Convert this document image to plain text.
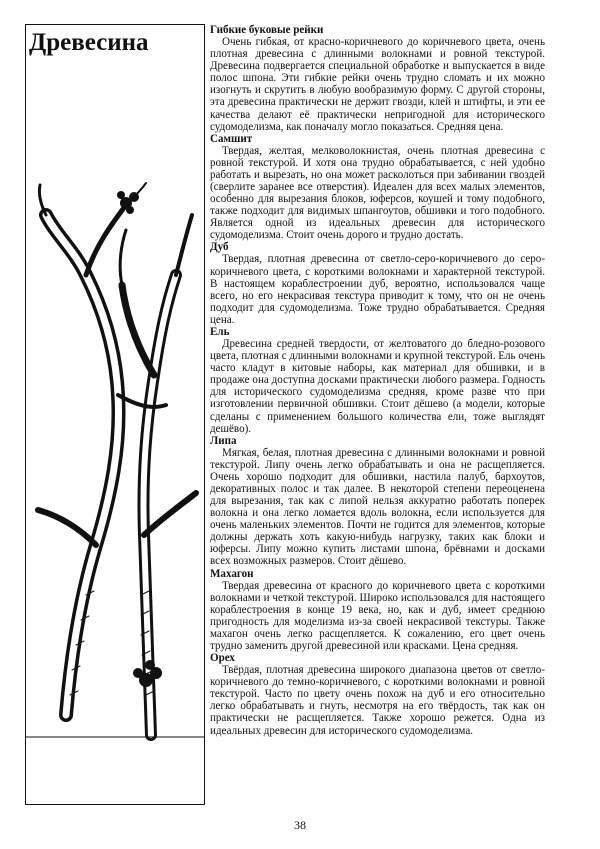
Древесина	Гибкие буковые рейки
Очень гибкая, от красно-коричневого до коричневого цвета, очень плотная древесина с длинными волокнами и ровной текстурой. Древесина подвергается специальной обработке и выпускается в виде полос шпона. Эти гибкие рейки очень трудно сломать и их можно изогнуть и скрутить в любую вообразимую форму. С другой стороны, эта древесина практически не держит гвозди, клей и штифты, и эти ее качества делают её практически непригодной для исторического судомоделизма, как поначалу могло показаться. Средняя цена.
Самшит
Твердая, желтая, мелковолокнистая, очень плотная древесина с ровной текстурой. И хотя она трудно обрабатывается, с ней удобно работать и вырезать, но она может расколоться при забивании гвоздей (сверлите заранее все отверстия). Идеален для всех малых элементов, особенно для вырезания блоков, юферсов, коушей и тому подобного, также подходит для видимых шпангоутов, обшивки и того подобного. Является одной из идеальных древесин для исторического судомоделизма. Стоит очень дорого и трудно достать.
Дуб
Твердая, плотная древесина от светло-серо-коричневого до серо-коричневого цвета, с короткими волокнами и характерной текстурой. В настоящем кораблестроении дуб, вероятно, использовался чаще всего, но его некрасивая текстура приводит к тому, что он не очень подходит для судомоделизма. Тоже трудно обрабатывается. Средняя цена.
Ель
Древесина средней твердости, от желтоватого до бледно-розового цвета, плотная с длинными волокнами и крупной текстурой. Ель очень часто кладут в китовые наборы, как материал для обшивки, и в продаже она доступна досками практически любого размера. Годность для исторического судомоделизма средняя, кроме разве что при изготовлении первичной обшивки. Стоит дёшево (а модели, которые сделаны с применением большого количества ели, тоже выглядят дешёво).
Липа
Мягкая, белая, плотная древесина с длинными волокнами и ровной текстурой. Липу очень легко обрабатывать и она не расщепляется. Очень хорошо подходит для обшивки, настила палуб, бархоутов, декоративных полос и так далее. В некоторой степени переоценена для вырезания, так как с липой нельзя аккуратно работать поперек волокна и она легко ломается вдоль волокна, если используется для очень маленьких элементов. Почти не годится для элементов, которые должны держать хоть какую-нибудь нагрузку, таких как блоки и юферсы. Липу можно купить листами шпона, брёвнами и досками всех возможных размеров. Стоит дёшево.
Махагон
Твердая древесина от красного до коричневого цвета с короткими волокнами и четкой текстурой. Широко использовался для настоящего кораблестроения в конце 19 века, но, как и дуб, имеет среднюю пригодность для моделизма из-за своей некрасивой текстуры. Также махагон очень легко расщепляется. К сожалению, его цвет очень трудно заменить другой древесиной или красками. Цена средняя.
Орех
Твёрдая, плотная древесина широкого диапазона цветов от светло-коричневого до темно-коричневого, с короткими волокнами и ровной текстурой. Часто по цвету очень похож на дуб и его относительно легко обрабатывать и гнуть, несмотря на его твёрдость, так как он практически не расщепляется. Также хорошо режется. Одна из идеальных древесин для исторического судомоделизма.
38
